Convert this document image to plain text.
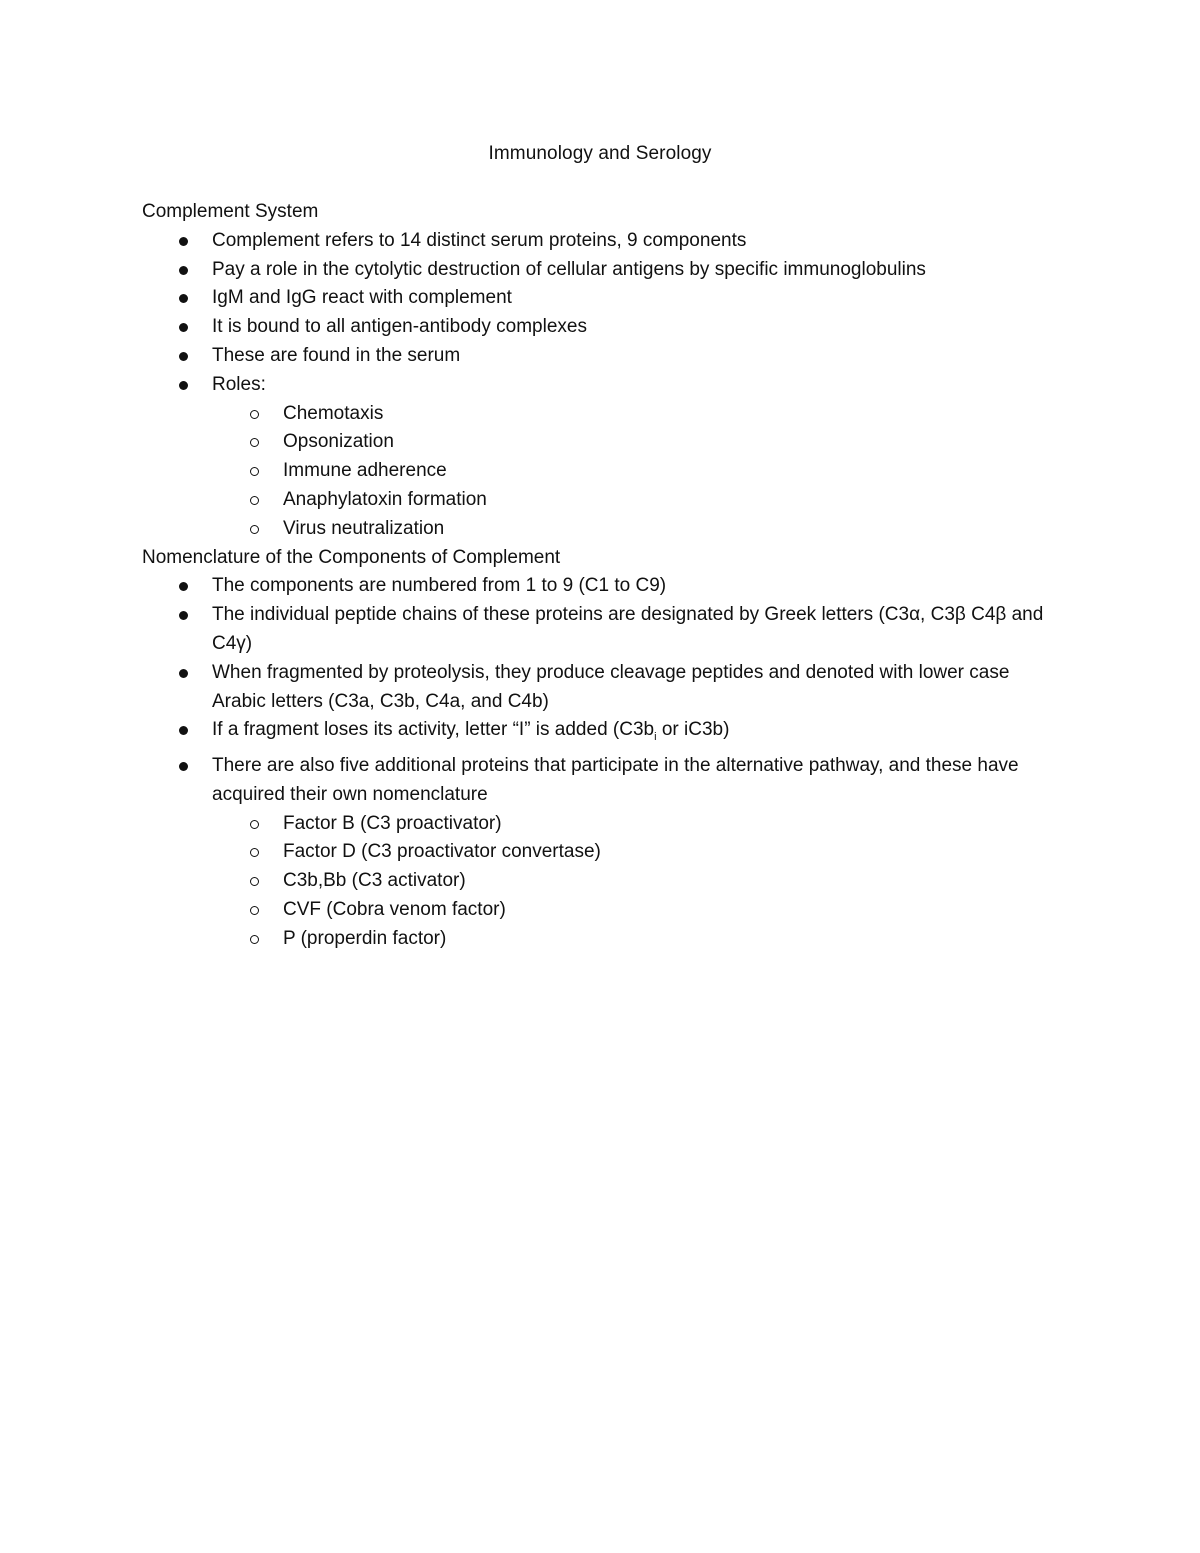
Immunology and Serology
Complement System
Complement refers to 14 distinct serum proteins, 9 components
Pay a role in the cytolytic destruction of cellular antigens by specific immunoglobulins
IgM and IgG react with complement
It is bound to all antigen-antibody complexes
These are found in the serum
Roles:
Chemotaxis
Opsonization
Immune adherence
Anaphylatoxin formation
Virus neutralization
Nomenclature of the Components of Complement
The components are numbered from 1 to 9 (C1 to C9)
The individual peptide chains of these proteins are designated by Greek letters (C3α, C3β C4β and C4γ)
When fragmented by proteolysis, they produce cleavage peptides and denoted with lower case Arabic letters (C3a, C3b, C4a, and C4b)
If a fragment loses its activity, letter “I” is added ($C3b_i$ or iC3b)
There are also five additional proteins that participate in the alternative pathway, and these have acquired their own nomenclature
Factor B (C3 proactivator)
Factor D (C3 proactivator convertase)
C3b,Bb (C3 activator)
CVF (Cobra venom factor)
P (properdin factor)
